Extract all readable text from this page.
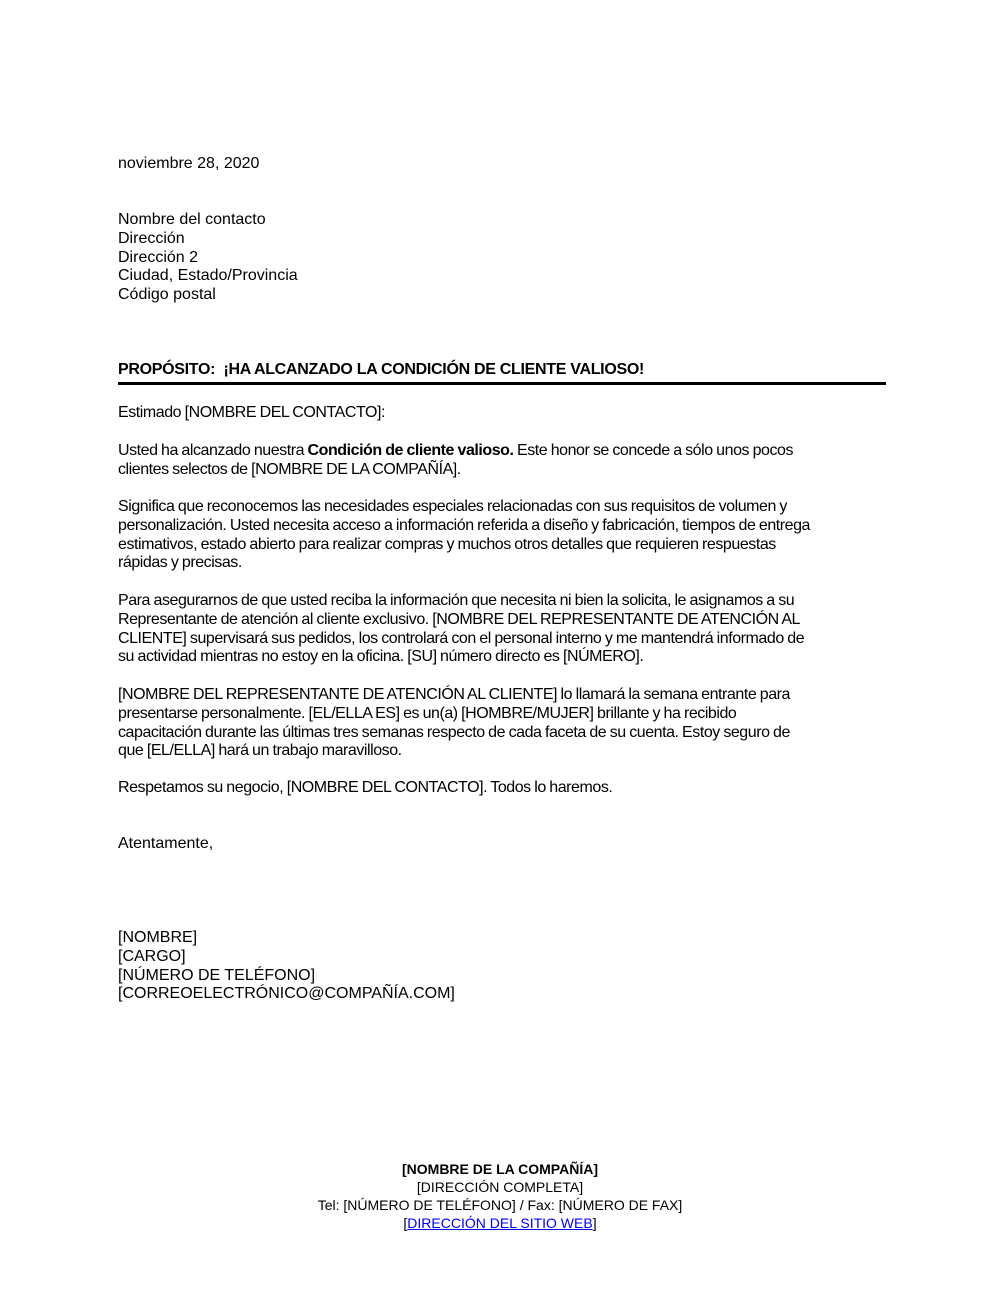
noviembre 28, 2020
Nombre del contacto
Dirección
Dirección 2
Ciudad, Estado/Provincia
Código postal
PROPÓSITO:  ¡HA ALCANZADO LA CONDICIÓN DE CLIENTE VALIOSO!
Estimado [NOMBRE DEL CONTACTO]:
Usted ha alcanzado nuestra Condición de cliente valioso. Este honor se concede a sólo unos pocos
clientes selectos de [NOMBRE DE LA COMPAÑÍA].
Significa que reconocemos las necesidades especiales relacionadas con sus requisitos de volumen y
personalización. Usted necesita acceso a información referida a diseño y fabricación, tiempos de entrega
estimativos, estado abierto para realizar compras y muchos otros detalles que requieren respuestas
rápidas y precisas.
Para asegurarnos de que usted reciba la información que necesita ni bien la solicita, le asignamos a su
Representante de atención al cliente exclusivo. [NOMBRE DEL REPRESENTANTE DE ATENCIÓN AL
CLIENTE] supervisará sus pedidos, los controlará con el personal interno y me mantendrá informado de
su actividad mientras no estoy en la oficina. [SU] número directo es [NÚMERO].
[NOMBRE DEL REPRESENTANTE DE ATENCIÓN AL CLIENTE] lo llamará la semana entrante para
presentarse personalmente. [EL/ELLA ES] es un(a) [HOMBRE/MUJER] brillante y ha recibido
capacitación durante las últimas tres semanas respecto de cada faceta de su cuenta. Estoy seguro de
que [EL/ELLA] hará un trabajo maravilloso.
Respetamos su negocio, [NOMBRE DEL CONTACTO]. Todos lo haremos.
Atentamente,
[NOMBRE]
[CARGO]
[NÚMERO DE TELÉFONO]
[CORREOELECTRÓNICO@COMPAÑÍA.COM]
[NOMBRE DE LA COMPAÑÍA]
[DIRECCIÓN COMPLETA]
Tel: [NÚMERO DE TELÉFONO] / Fax: [NÚMERO DE FAX]
[DIRECCIÓN DEL SITIO WEB]
